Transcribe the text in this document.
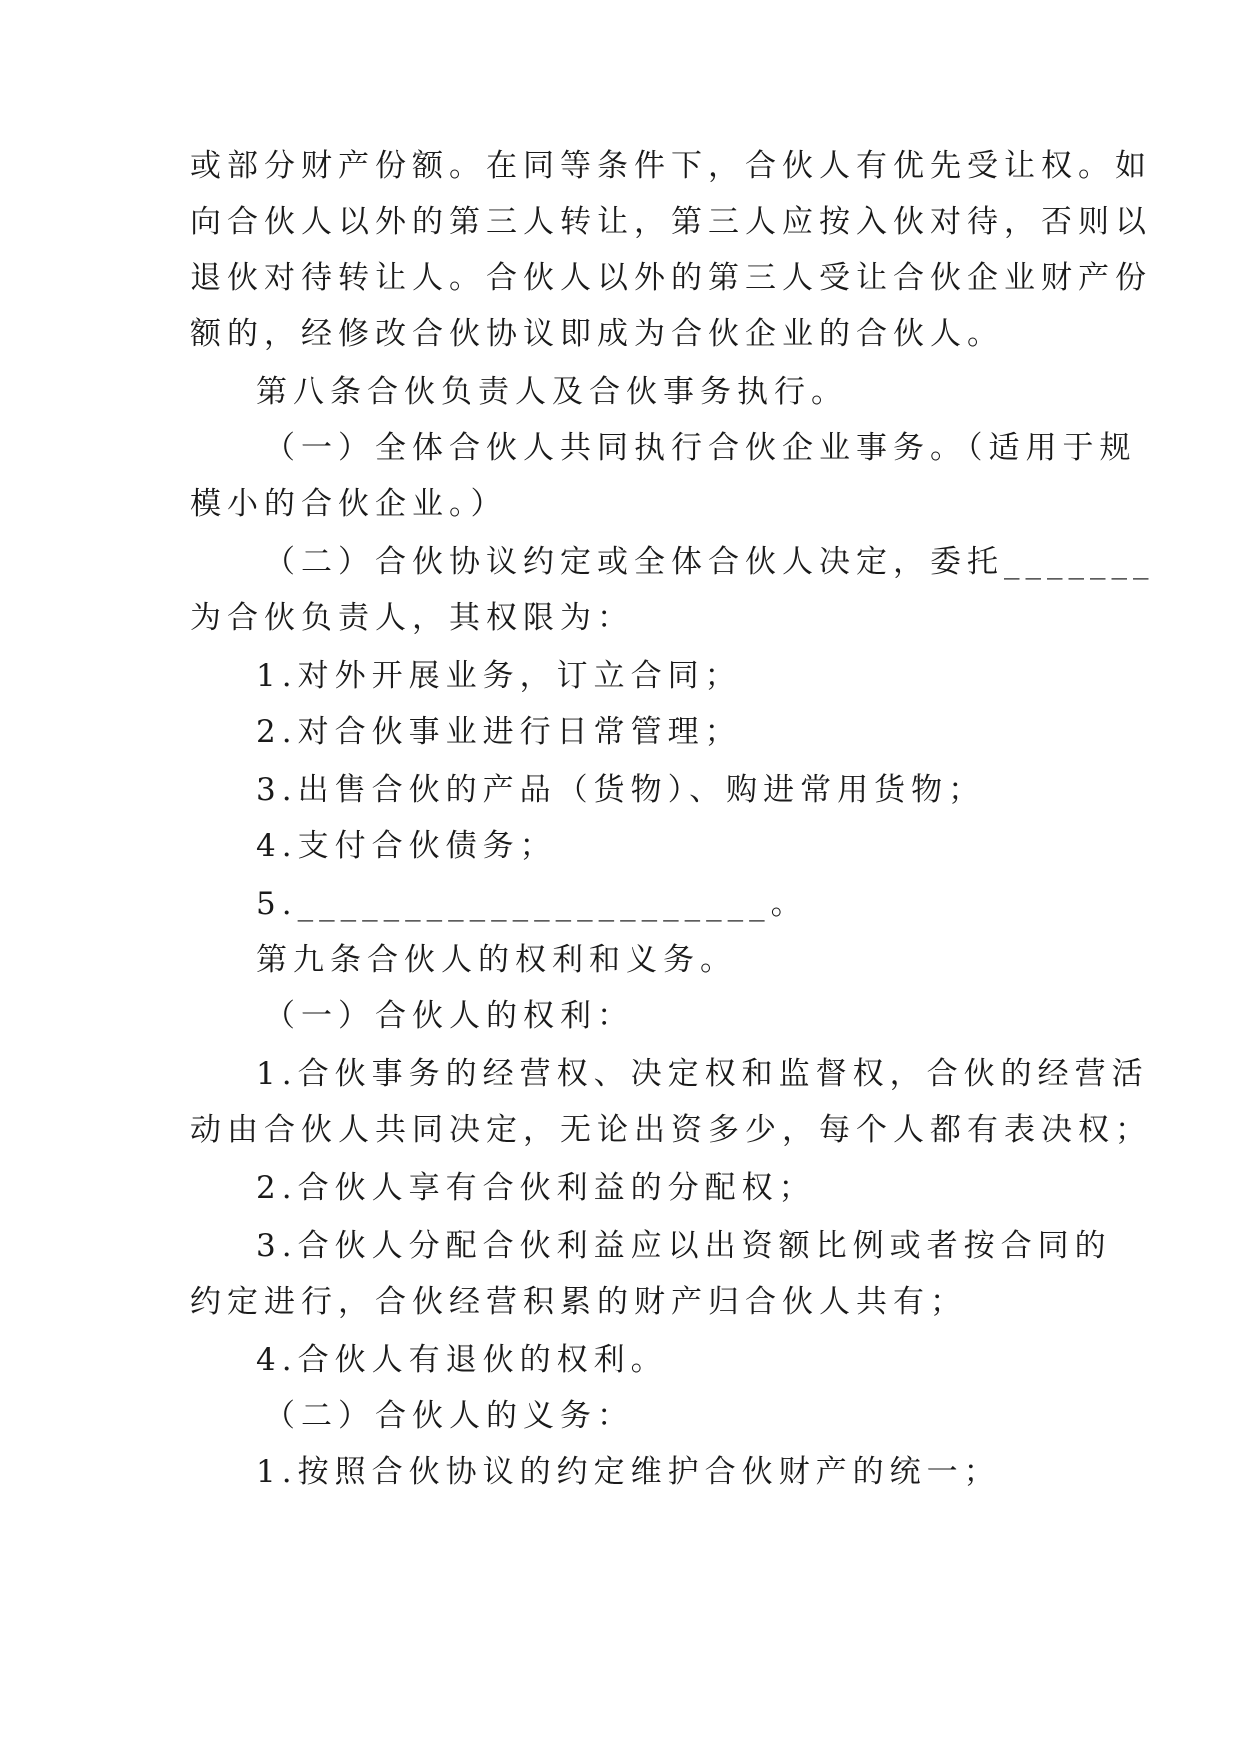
或部分财产份额。在同等条件下，合伙人有优先受让权。如
向合伙人以外的第三人转让，第三人应按入伙对待，否则以
退伙对待转让人。合伙人以外的第三人受让合伙企业财产份
额的，经修改合伙协议即成为合伙企业的合伙人。
第八条合伙负责人及合伙事务执行。
（一）全体合伙人共同执行合伙企业事务。（适用于规
模小的合伙企业。）
（二）合伙协议约定或全体合伙人决定，委托_______
为合伙负责人，其权限为：
1.对外开展业务，订立合同；
2.对合伙事业进行日常管理；
3.出售合伙的产品（货物）、购进常用货物；
4.支付合伙债务；
5.______________________。
第九条合伙人的权利和义务。
（一）合伙人的权利：
1.合伙事务的经营权、决定权和监督权，合伙的经营活
动由合伙人共同决定，无论出资多少，每个人都有表决权；
2.合伙人享有合伙利益的分配权；
3.合伙人分配合伙利益应以出资额比例或者按合同的
约定进行，合伙经营积累的财产归合伙人共有；
4.合伙人有退伙的权利。
（二）合伙人的义务：
1.按照合伙协议的约定维护合伙财产的统一；
